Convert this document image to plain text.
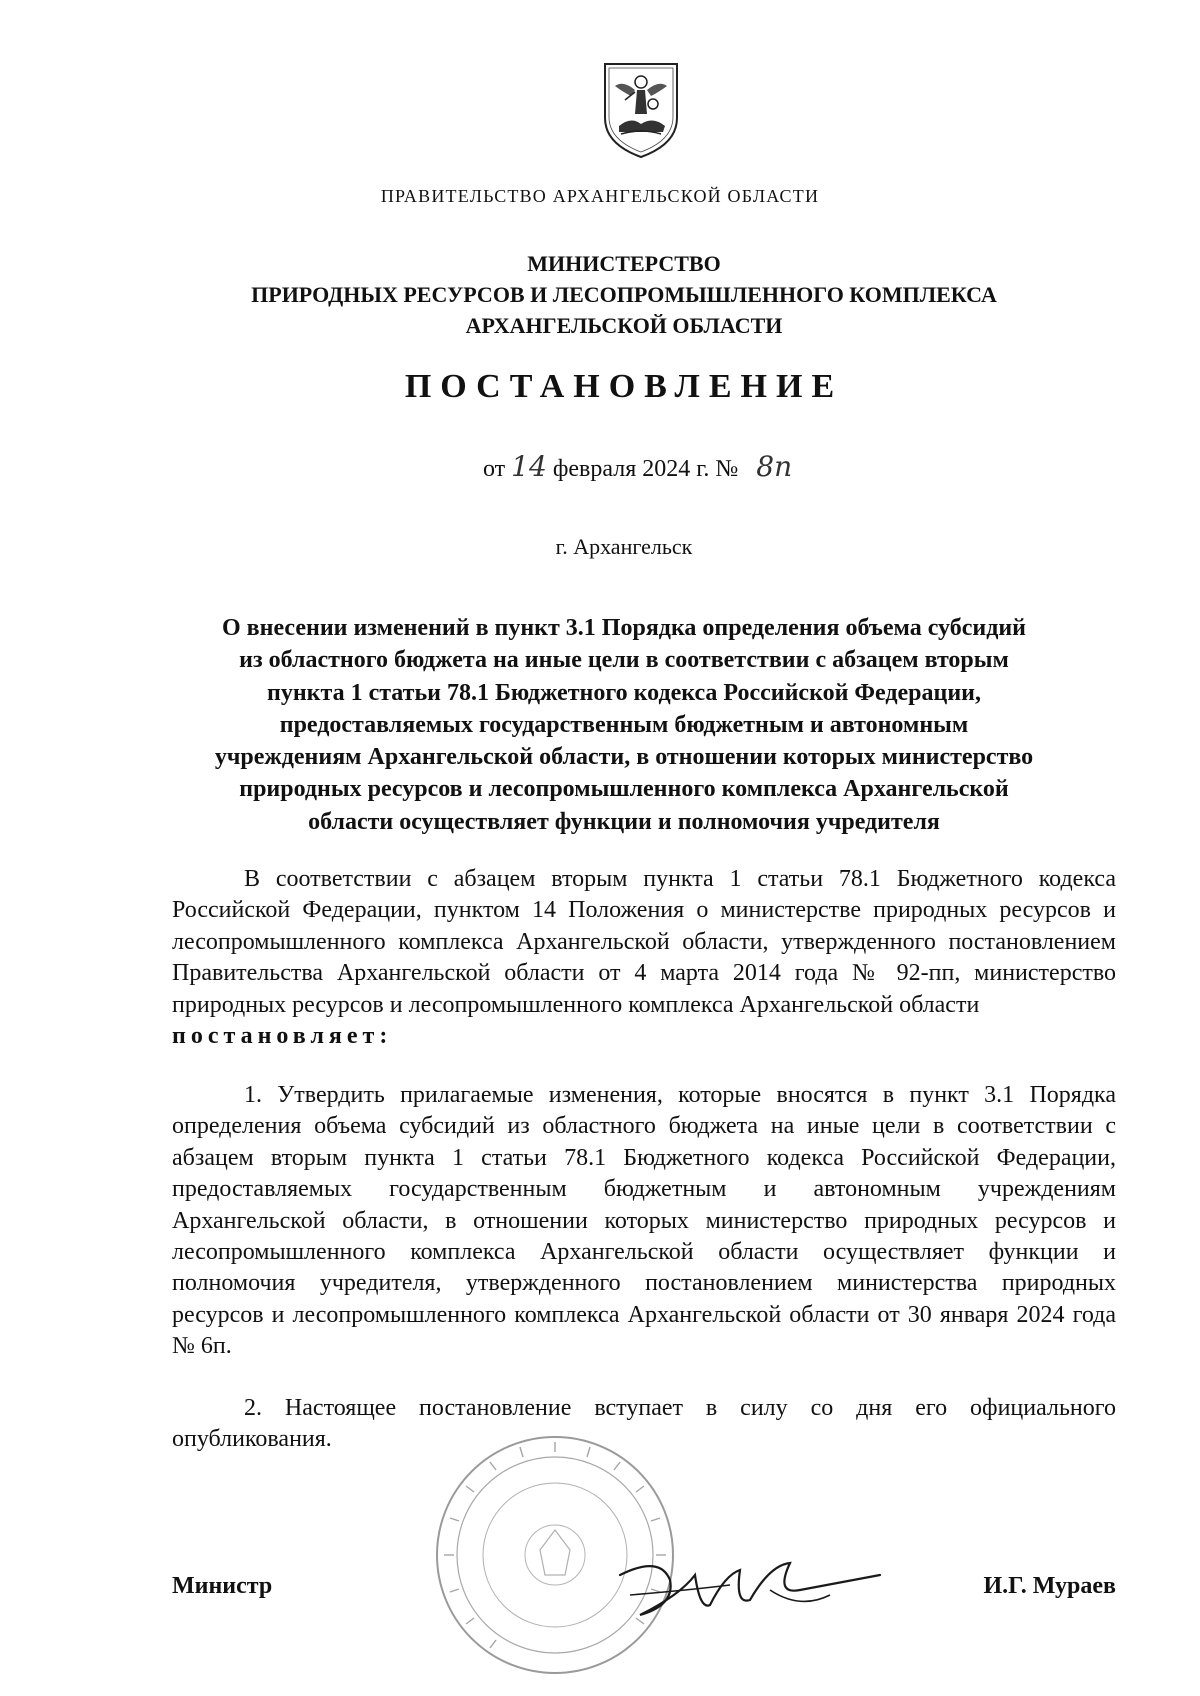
ПРАВИТЕЛЬСТВО АРХАНГЕЛЬСКОЙ ОБЛАСТИ
МИНИСТЕРСТВО
ПРИРОДНЫХ РЕСУРСОВ И ЛЕСОПРОМЫШЛЕННОГО КОМПЛЕКСА
АРХАНГЕЛЬСКОЙ ОБЛАСТИ
ПОСТАНОВЛЕНИЕ
от 14 февраля 2024 г. № 8п
г. Архангельск
О внесении изменений в пункт 3.1 Порядка определения объема субсидий
из областного бюджета на иные цели в соответствии с абзацем вторым
пункта 1 статьи 78.1 Бюджетного кодекса Российской Федерации,
предоставляемых государственным бюджетным и автономным
учреждениям Архангельской области, в отношении которых министерство
природных ресурсов и лесопромышленного комплекса Архангельской
области осуществляет функции и полномочия учредителя
В соответствии с абзацем вторым пункта 1 статьи 78.1 Бюджетного кодекса Российской Федерации, пунктом 14 Положения о министерстве природных ресурсов и лесопромышленного комплекса Архангельской области, утвержденного постановлением Правительства Архангельской области от 4 марта 2014 года № 92-пп, министерство природных ресурсов и лесопромышленного комплекса Архангельской области
постановляет:
1. Утвердить прилагаемые изменения, которые вносятся в пункт 3.1 Порядка определения объема субсидий из областного бюджета на иные цели в соответствии с абзацем вторым пункта 1 статьи 78.1 Бюджетного кодекса Российской Федерации, предоставляемых государственным бюджетным и автономным учреждениям Архангельской области, в отношении которых министерство природных ресурсов и лесопромышленного комплекса Архангельской области осуществляет функции и полномочия учредителя, утвержденного постановлением министерства природных ресурсов и лесопромышленного комплекса Архангельской области от 30 января 2024 года № 6п.
2. Настоящее постановление вступает в силу со дня его официального опубликования.
Министр	И.Г. Мураев
